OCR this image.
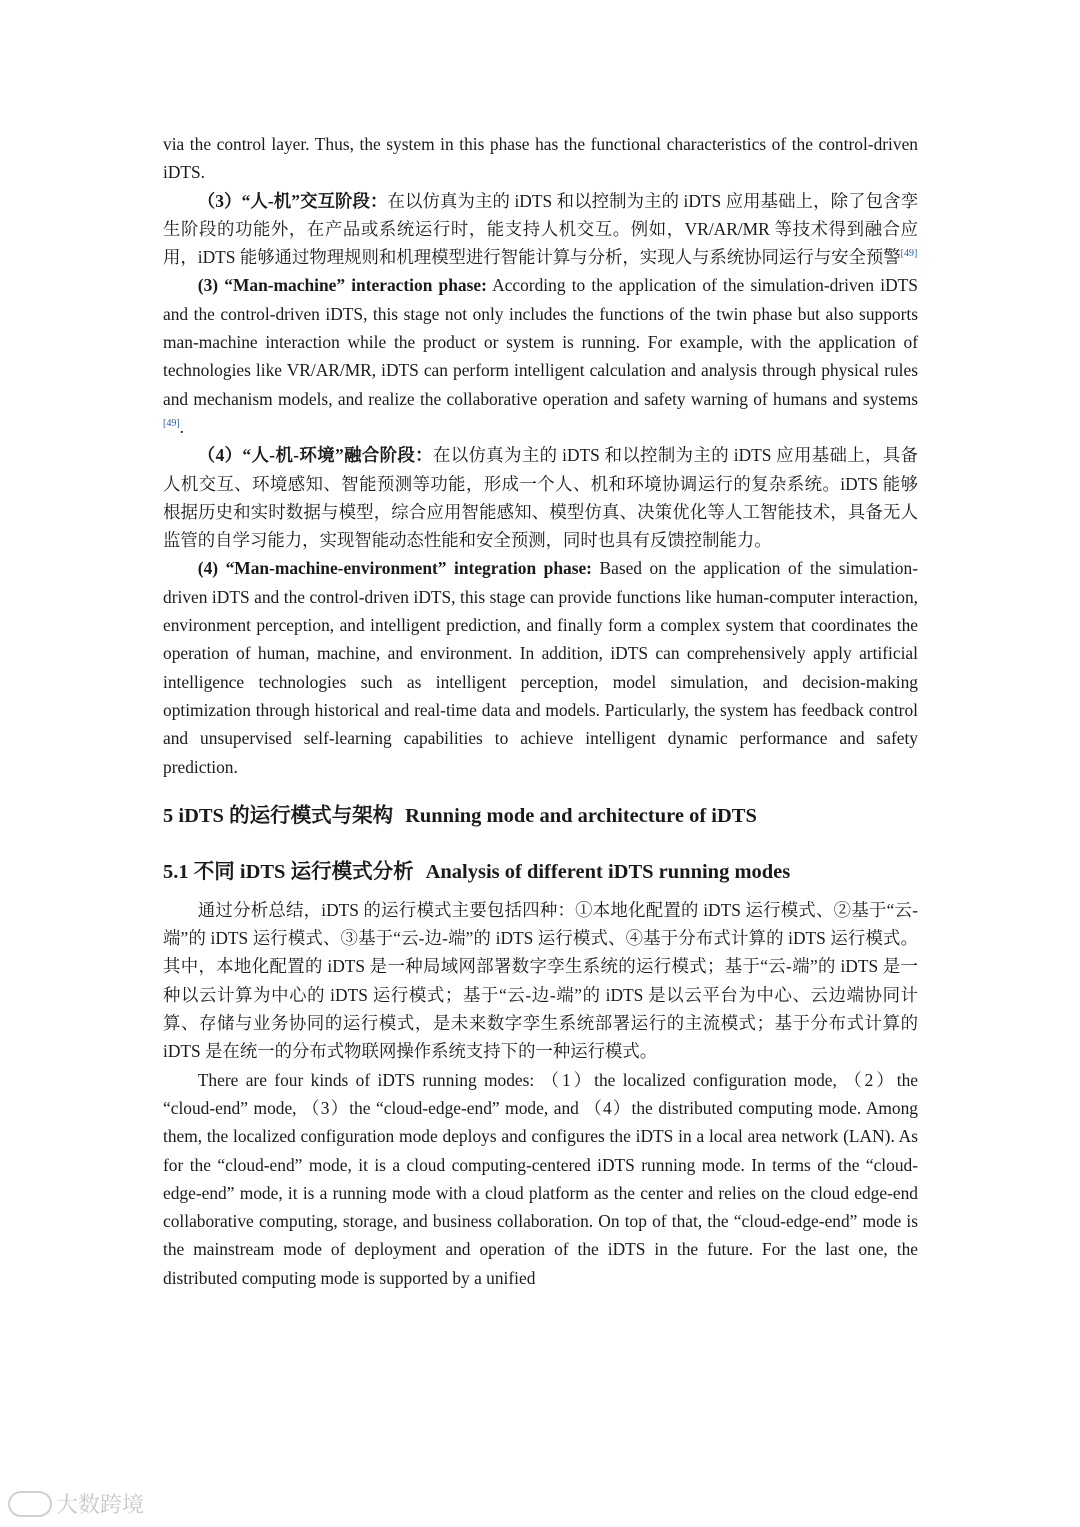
via the control layer. Thus, the system in this phase has the functional characteristics of the control-driven iDTS.

（3）“人-机”交互阶段：在以仿真为主的 iDTS 和以控制为主的 iDTS 应用基础上，除了包含孪生阶段的功能外，在产品或系统运行时，能支持人机交互。例如，VR/AR/MR 等技术得到融合应用，iDTS 能够通过物理规则和机理模型进行智能计算与分析，实现人与系统协同运行与安全预警[49]

(3) “Man-machine” interaction phase: According to the application of the simulation-driven iDTS and the control-driven iDTS, this stage not only includes the functions of the twin phase but also supports man-machine interaction while the product or system is running. For example, with the application of technologies like VR/AR/MR, iDTS can perform intelligent calculation and analysis through physical rules and mechanism models, and realize the collaborative operation and safety warning of humans and systems [49].

（4）“人-机-环境”融合阶段：在以仿真为主的 iDTS 和以控制为主的 iDTS 应用基础上，具备人机交互、环境感知、智能预测等功能，形成一个人、机和环境协调运行的复杂系统。iDTS 能够根据历史和实时数据与模型，综合应用智能感知、模型仿真、决策优化等人工智能技术，具备无人监管的自学习能力，实现智能动态性能和安全预测，同时也具有反馈控制能力。

(4) “Man-machine-environment” integration phase: Based on the application of the simulation-driven iDTS and the control-driven iDTS, this stage can provide functions like human-computer interaction, environment perception, and intelligent prediction, and finally form a complex system that coordinates the operation of human, machine, and environment. In addition, iDTS can comprehensively apply artificial intelligence technologies such as intelligent perception, model simulation, and decision-making optimization through historical and real-time data and models. Particularly, the system has feedback control and unsupervised self-learning capabilities to achieve intelligent dynamic performance and safety prediction.

5 iDTS 的运行模式与架构 Running mode and architecture of iDTS
5.1 不同 iDTS 运行模式分析 Analysis of different iDTS running modes

通过分析总结，iDTS 的运行模式主要包括四种：①本地化配置的 iDTS 运行模式、②基于“云-端”的 iDTS 运行模式、③基于“云-边-端”的 iDTS 运行模式、④基于分布式计算的 iDTS 运行模式。其中，本地化配置的 iDTS 是一种局域网部署数字孪生系统的运行模式；基于“云-端”的 iDTS 是一种以云计算为中心的 iDTS 运行模式；基于“云-边-端”的 iDTS 是以云平台为中心、云边端协同计算、存储与业务协同的运行模式，是未来数字孪生系统部署运行的主流模式；基于分布式计算的 iDTS 是在统一的分布式物联网操作系统支持下的一种运行模式。

There are four kinds of iDTS running modes: （1）the localized configuration mode, （2）the “cloud-end” mode, （3）the “cloud-edge-end” mode, and （4）the distributed computing mode. Among them, the localized configuration mode deploys and configures the iDTS in a local area network (LAN). As for the “cloud-end” mode, it is a cloud computing-centered iDTS running mode. In terms of the “cloud-edge-end” mode, it is a running mode with a cloud platform as the center and relies on the cloud edge-end collaborative computing, storage, and business collaboration. On top of that, the “cloud-edge-end” mode is the mainstream mode of deployment and operation of the iDTS in the future. For the last one, the distributed computing mode is supported by a unified

大数跨境
